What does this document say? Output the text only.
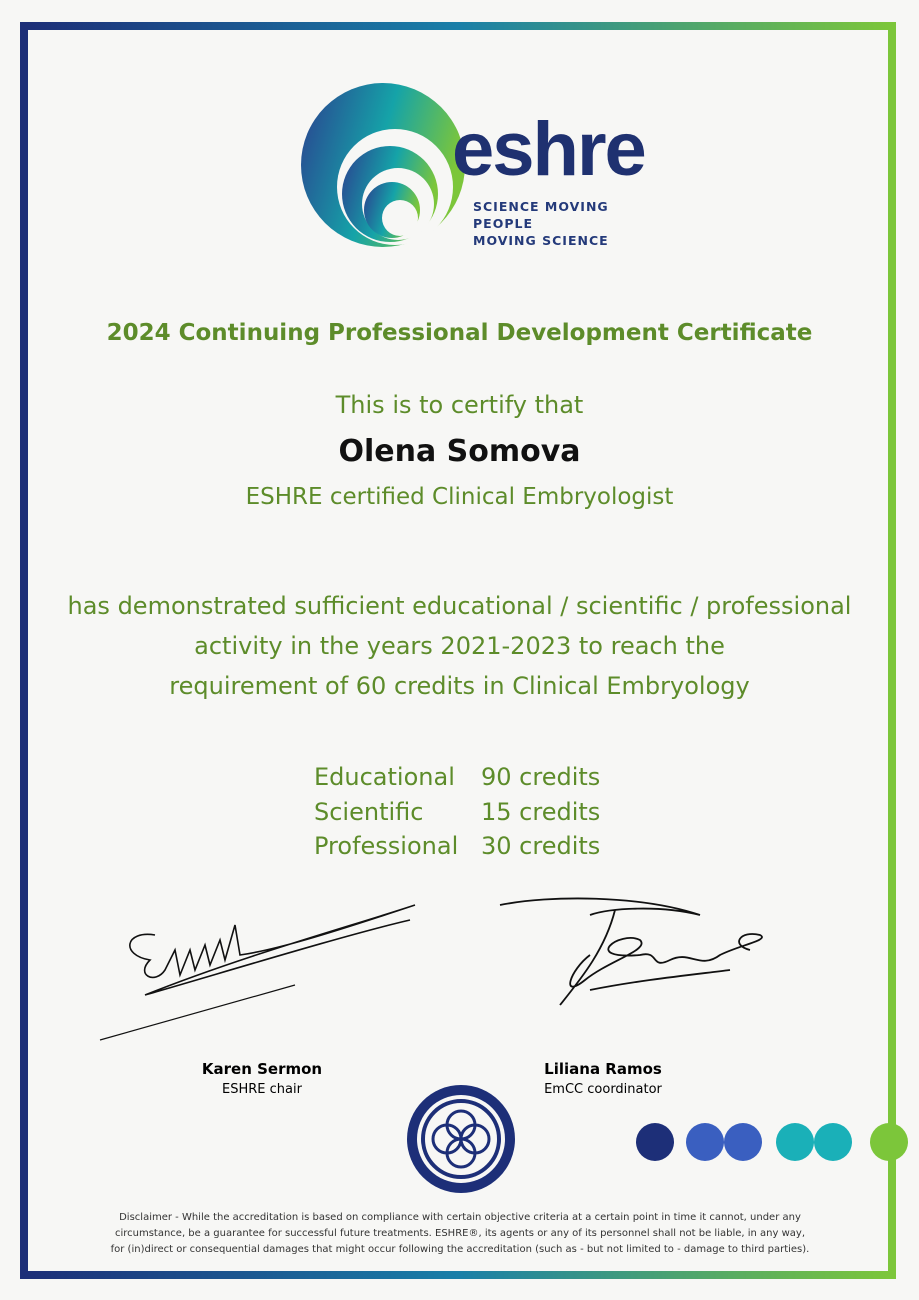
eshre
SCIENCE MOVING
PEOPLE
MOVING SCIENCE
2024 Continuing Professional Development Certificate
This is to certify that
Olena Somova
ESHRE certified Clinical Embryologist
has demonstrated sufficient educational / scientific / professional
activity in the years 2021-2023 to reach the
requirement of 60 credits in Clinical Embryology
Educational	90 credits
Scientific	15 credits
Professional 30 credits
Karen Sermon
ESHRE chair
Liliana Ramos
EmCC coordinator
Disclaimer - While the accreditation is based on compliance with certain objective criteria at a certain point in time it cannot, under any
circumstance, be a guarantee for successful future treatments. ESHRE®, its agents or any of its personnel shall not be liable, in any way,
for (in)direct or consequential damages that might occur following the accreditation (such as - but not limited to - damage to third parties).
